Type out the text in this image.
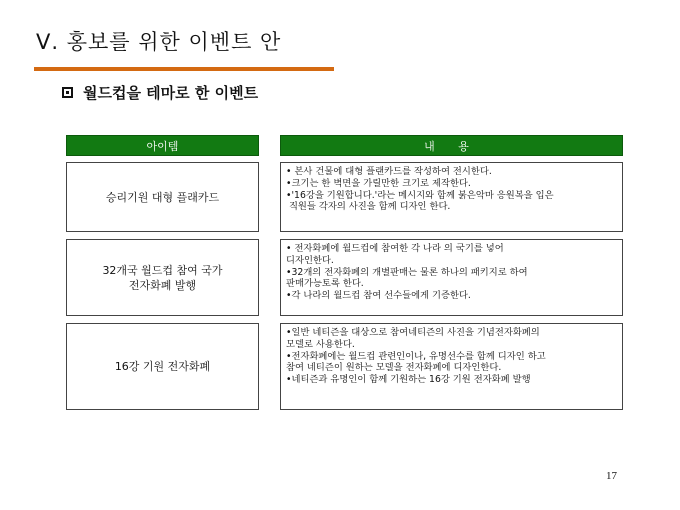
Ⅴ. 홍보를 위한 이벤트 안
월드컵을 테마로 한 이벤트
아이템	내 용
승리기원 대형 플래카드
• 본사 건물에 대형 플랜카드를 작성하여 전시한다.
•크기는 한 벽면을 가릴만한 크기로 제작한다.
•'16강을 기원합니다.'라는 메시지와 함께 붉은악마 응원복을 입은
직원들 각자의 사진을 함께 디자인 한다.
32개국 월드컵 참여 국가
전자화폐 발행
• 전자화폐에 월드컵에 참여한 각 나라 의 국기를 넣어
디자인한다.
•32개의 전자화폐의 개별판매는 물론 하나의 패키지로 하여
판매가능토록 한다.
•각 나라의 월드컵 참여 선수들에게 기증한다.
16강 기원 전자화폐
•일반 네티즌을 대상으로 참여네티즌의 사진을 기념전자화폐의
모델로 사용한다.
•전자화폐에는 월드컵 관련인이나, 유명선수를 함께 디자인 하고
참여 네티즌이 원하는 모델을 전자화폐에 디자인한다.
•네티즌과 유명인이 함께 기원하는 16강 기원 전자화폐 발행
17
